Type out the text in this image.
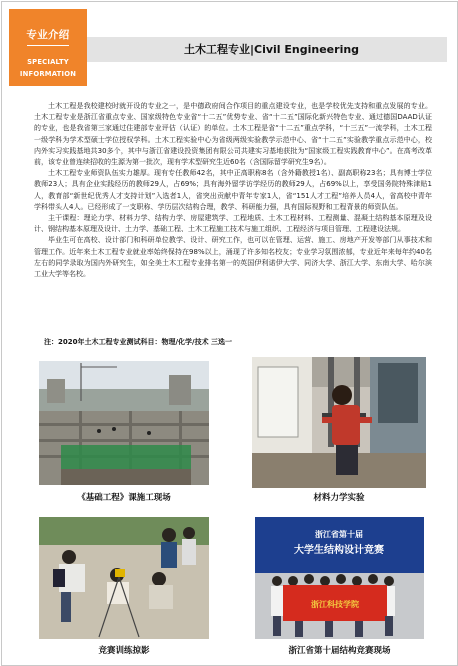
专业介绍
SPECIALTY
INFORMATION
土木工程专业|Civil Engineering

土木工程是我校建校时就开设的专业之一，是中德政府间合作项目的重点建设专业，也是学校优先支持和重点发展的专业。土木工程专业是浙江省重点专业、国家级特色专业省“十二五”优势专业、省“十二五”国际化新兴特色专业、通过德国DAAD认证的专业，也是我省第三家通过住建部专业评估（认证）的单位。土木工程是省“十二五”重点学科，“十三五”一流学科，土木工程一级学科为学术型硕士学位授权学科。土木工程实验中心为省级两级实验教学示范中心、省“十二五”实验教学重点示范中心，校内外实习实践基地共30多个，其中与浙江省建设投资集团有限公司共建实习基地获批为“国家级工程实践教育中心”。在高考改革前，该专业曾连续招收的生源为第一批次，现有学术型研究生近60名（含国际留学研究生9名）。

土木工程专业师资队伍实力雄厚。现有专任教师42名，其中正高职称8名（含外籍教授1名）、副高职称23名；具有博士学位教师23人；具有企业实践经历的教师29人，占69%；具有海外留学访学经历的教师29人，占69%以上，享受国务院特殊津贴1人，教育部“新世纪优秀人才支持计划”入选者1人，省突出贡献中青年专家1人，省“151人才工程”培养人员4人，省高校中青年学科带头人4人。已经形成了一支职称、学历层次结构合理，教学、科研能力强，具有国际视野和工程背景的师资队伍。

主干课程：理论力学、材料力学、结构力学、房屋建筑学、工程地质、土木工程材料、工程测量、混凝土结构基本原理及设计、钢结构基本原理及设计、土力学、基础工程、土木工程施工技术与施工组织、工程经济与项目管理、工程建设法规。

毕业生可在高校、设计部门和科研单位教学、设计、研究工作，也可以在管理、运营、施工、房地产开发等部门从事技术和管理工作。近年来土木工程专业就业率始终保持在98%以上，涌现了许多知名校友；专业学习氛围浓郁，专业近年来每年约40名左右的同学录取为国内外研究生，如全美土木工程专业排名第一的英国伊利诺伊大学、同济大学、浙江大学、东南大学、哈尔滨工业大学等名校。

注：2020年土木工程专业测试科目：物理/化学/技术 三选一
《基础工程》课施工现场	材料力学实验
竞赛训练掠影
浙江省第十届
大学生结构设计竞赛
浙江科技学院
浙江省第十届结构竞赛现场
